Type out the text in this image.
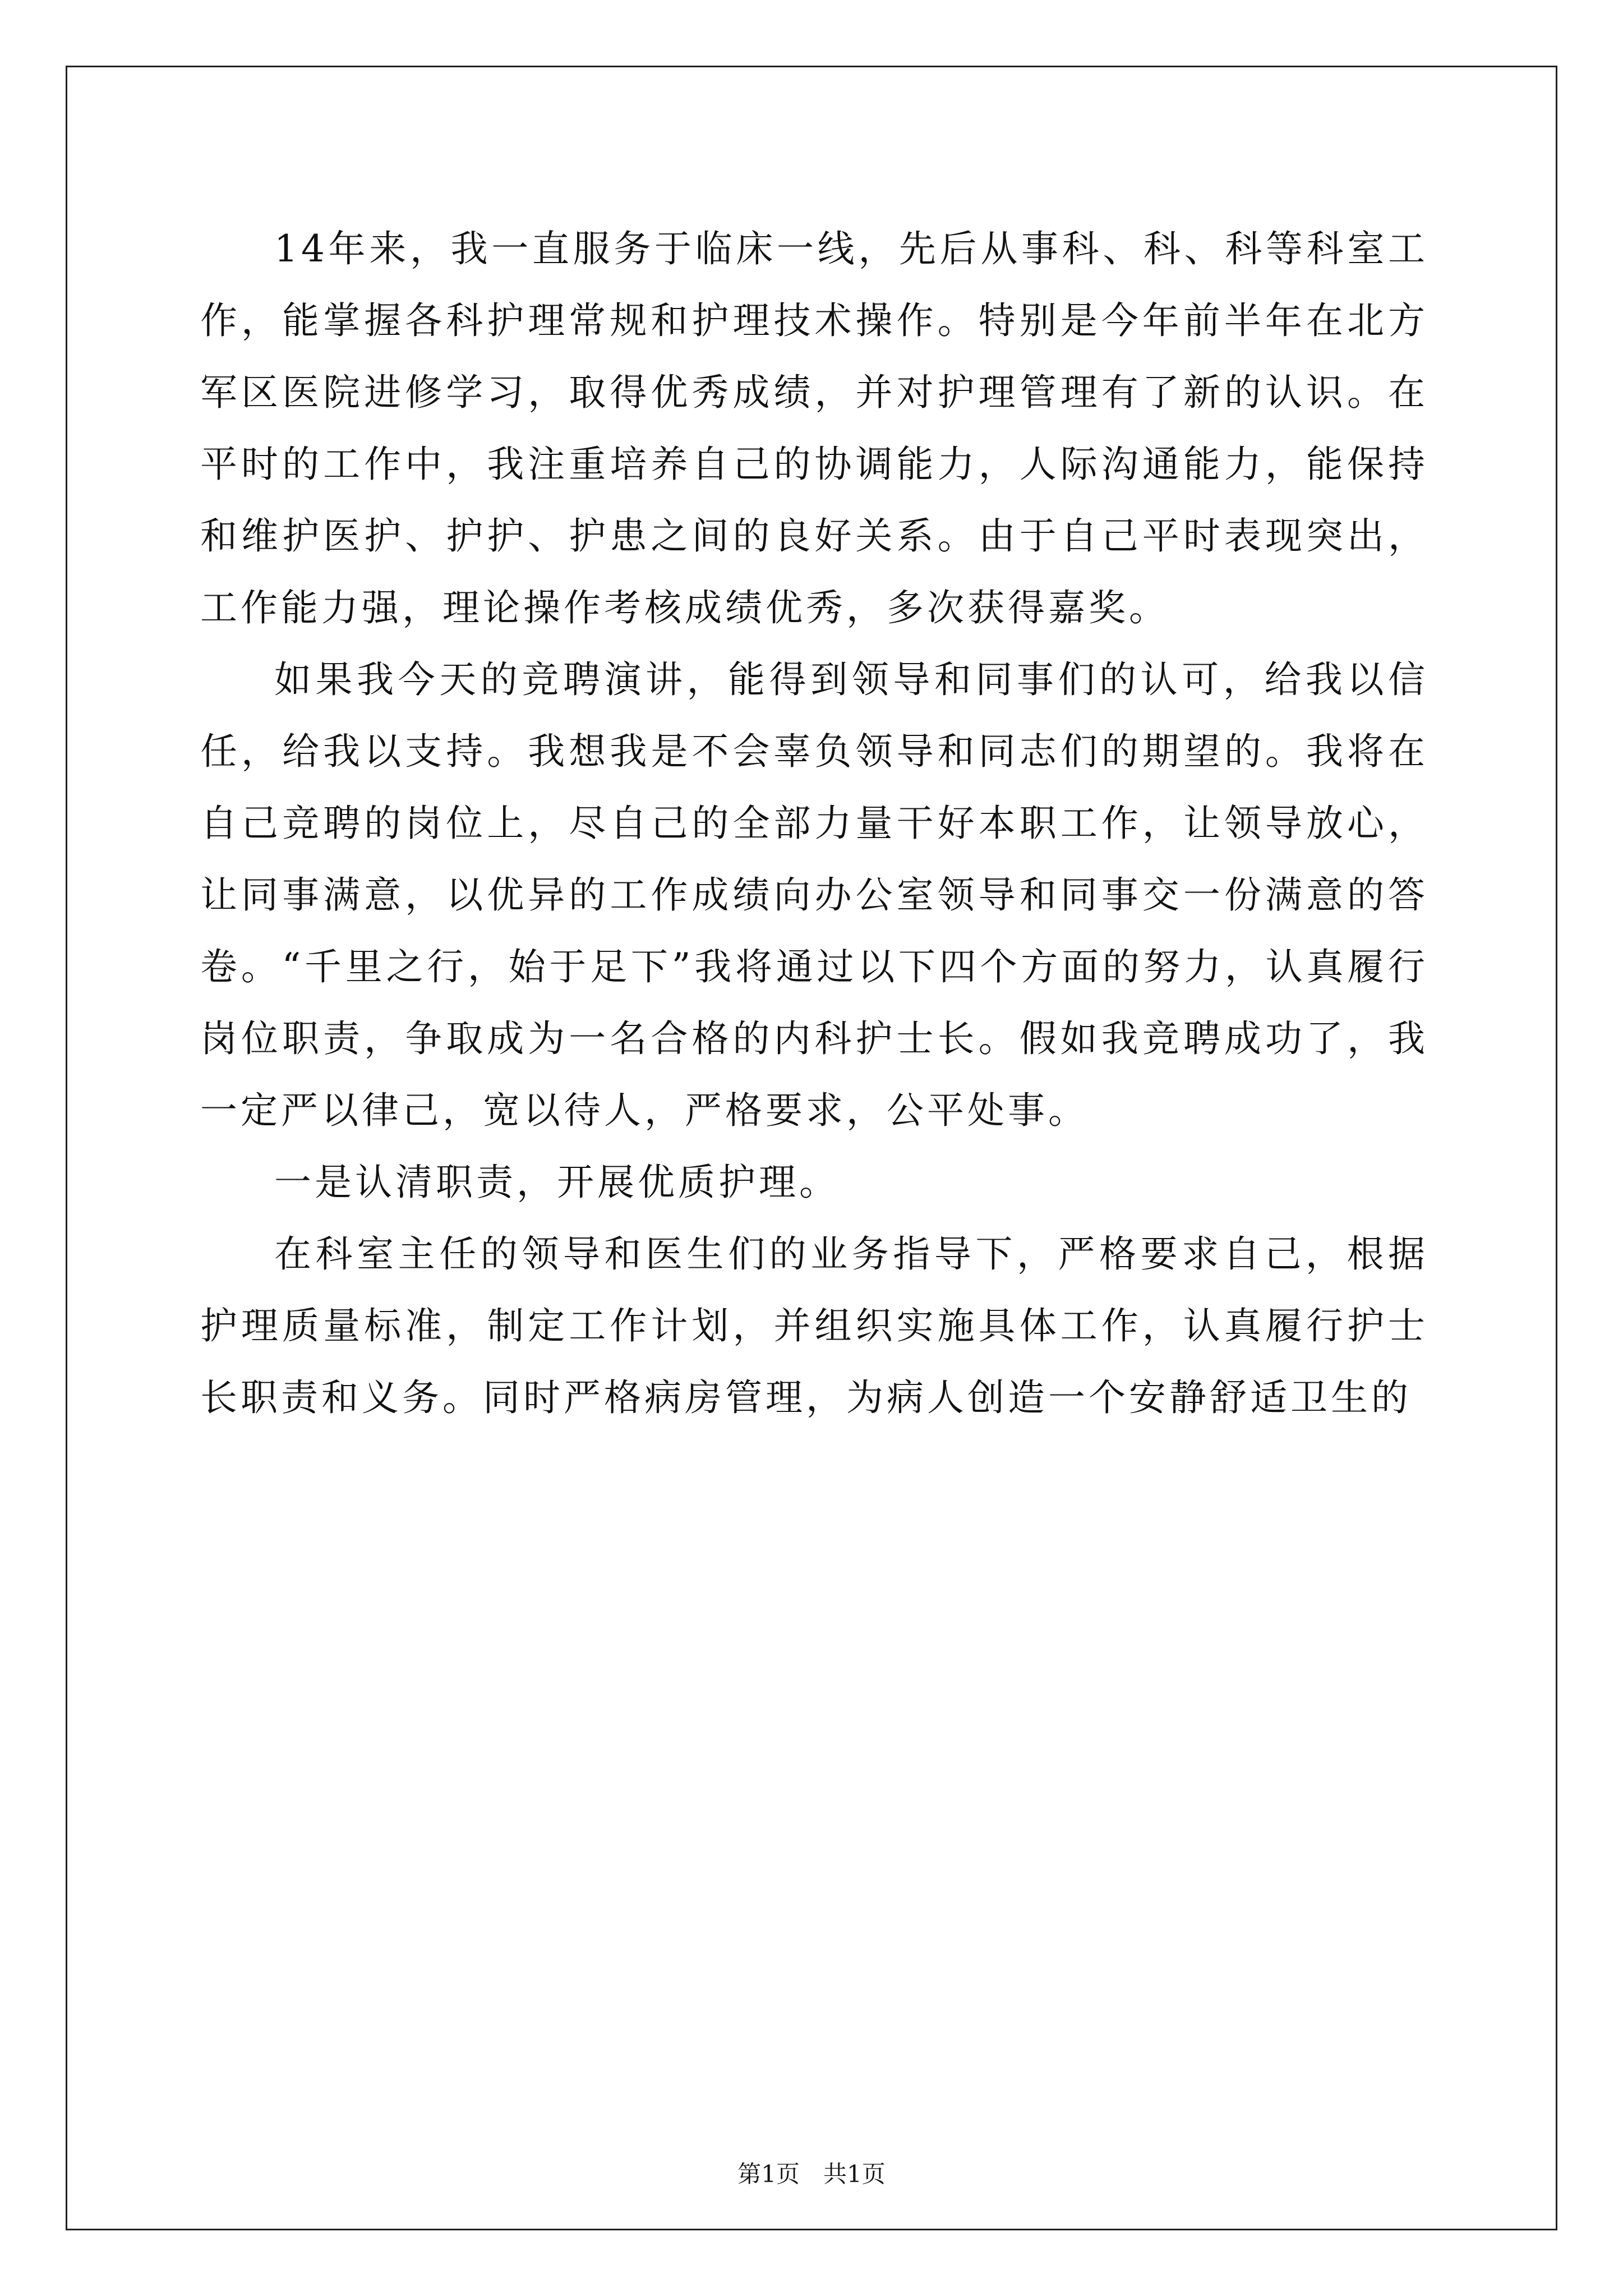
14年来，我一直服务于临床一线，先后从事科、科、科等科室工作，能掌握各科护理常规和护理技术操作。特别是今年前半年在北方军区医院进修学习，取得优秀成绩，并对护理管理有了新的认识。在平时的工作中，我注重培养自己的协调能力，人际沟通能力，能保持和维护医护、护护、护患之间的良好关系。由于自己平时表现突出，工作能力强，理论操作考核成绩优秀，多次获得嘉奖。

如果我今天的竞聘演讲，能得到领导和同事们的认可，给我以信任，给我以支持。我想我是不会辜负领导和同志们的期望的。我将在自己竞聘的岗位上，尽自己的全部力量干好本职工作，让领导放心，让同事满意，以优异的工作成绩向办公室领导和同事交一份满意的答卷。“千里之行，始于足下”我将通过以下四个方面的努力，认真履行岗位职责，争取成为一名合格的内科护士长。假如我竞聘成功了，我一定严以律己，宽以待人，严格要求，公平处事。

一是认清职责，开展优质护理。

在科室主任的领导和医生们的业务指导下，严格要求自己，根据护理质量标准，制定工作计划，并组织实施具体工作，认真履行护士长职责和义务。同时严格病房管理，为病人创造一个安静舒适卫生的

第1页　共1页
